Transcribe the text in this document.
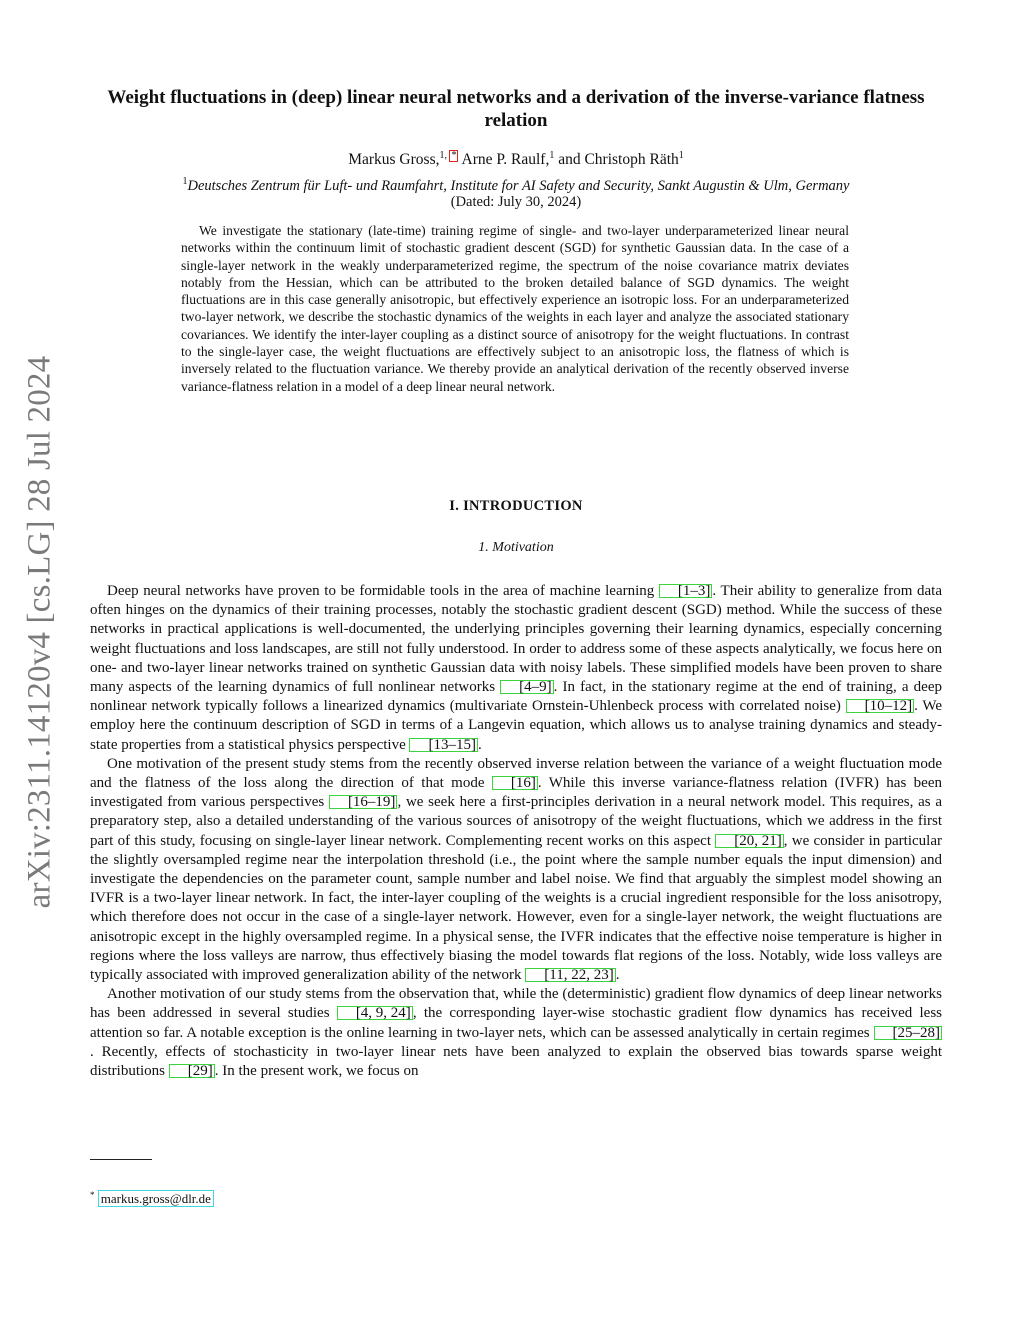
arXiv:2311.14120v4 [cs.LG] 28 Jul 2024
Weight fluctuations in (deep) linear neural networks and a derivation of the inverse-variance flatness relation
Markus Gross,$^{1, *}$ Arne P. Raulf,$^1$ and Christoph Räth$^1$
$^1$Deutsches Zentrum für Luft- und Raumfahrt, Institute for AI Safety and Security, Sankt Augustin & Ulm, Germany
(Dated: July 30, 2024)
We investigate the stationary (late-time) training regime of single- and two-layer underparameterized linear neural networks within the continuum limit of stochastic gradient descent (SGD) for synthetic Gaussian data. In the case of a single-layer network in the weakly underparameterized regime, the spectrum of the noise covariance matrix deviates notably from the Hessian, which can be attributed to the broken detailed balance of SGD dynamics. The weight fluctuations are in this case generally anisotropic, but effectively experience an isotropic loss. For an underparameterized two-layer network, we describe the stochastic dynamics of the weights in each layer and analyze the associated stationary covariances. We identify the inter-layer coupling as a distinct source of anisotropy for the weight fluctuations. In contrast to the single-layer case, the weight fluctuations are effectively subject to an anisotropic loss, the flatness of which is inversely related to the fluctuation variance. We thereby provide an analytical derivation of the recently observed inverse variance-flatness relation in a model of a deep linear neural network.
I. INTRODUCTION
1. Motivation

Deep neural networks have proven to be formidable tools in the area of machine learning [1–3] . Their ability to generalize from data often hinges on the dynamics of their training processes, notably the stochastic gradient descent (SGD) method. While the success of these networks in practical applications is well-documented, the underlying principles governing their learning dynamics, especially concerning weight fluctuations and loss landscapes, are still not fully understood. In order to address some of these aspects analytically, we focus here on one- and two-layer linear networks trained on synthetic Gaussian data with noisy labels. These simplified models have been proven to share many aspects of the learning dynamics of full nonlinear networks [4–9] . In fact, in the stationary regime at the end of training, a deep nonlinear network typically follows a linearized dynamics (multivariate Ornstein-Uhlenbeck process with correlated noise) [10–12] . We employ here the continuum description of SGD in terms of a Langevin equation, which allows us to analyse training dynamics and steady-state properties from a statistical physics perspective [13–15] .

One motivation of the present study stems from the recently observed inverse relation between the variance of a weight fluctuation mode and the flatness of the loss along the direction of that mode [16] . While this inverse variance-flatness relation (IVFR) has been investigated from various perspectives [16–19] , we seek here a first-principles derivation in a neural network model. This requires, as a preparatory step, also a detailed understanding of the various sources of anisotropy of the weight fluctuations, which we address in the first part of this study, focusing on single-layer linear network. Complementing recent works on this aspect [20, 21] , we consider in particular the slightly oversampled regime near the interpolation threshold (i.e., the point where the sample number equals the input dimension) and investigate the dependencies on the parameter count, sample number and label noise. We find that arguably the simplest model showing an IVFR is a two-layer linear network. In fact, the inter-layer coupling of the weights is a crucial ingredient responsible for the loss anisotropy, which therefore does not occur in the case of a single-layer network. However, even for a single-layer network, the weight fluctuations are anisotropic except in the highly oversampled regime. In a physical sense, the IVFR indicates that the effective noise temperature is higher in regions where the loss valleys are narrow, thus effectively biasing the model towards flat regions of the loss. Notably, wide loss valleys are typically associated with improved generalization ability of the network [11, 22, 23] .

Another motivation of our study stems from the observation that, while the (deterministic) gradient flow dynamics of deep linear networks has been addressed in several studies [4, 9, 24] , the corresponding layer-wise stochastic gradient flow dynamics has received less attention so far. A notable exception is the online learning in two-layer nets, which can be assessed analytically in certain regimes [25–28]. Recently, effects of stochasticity in two-layer linear nets have been analyzed to explain the observed bias towards sparse weight distributions [29] . In the present work, we focus on

* markus.gross@dlr.de
